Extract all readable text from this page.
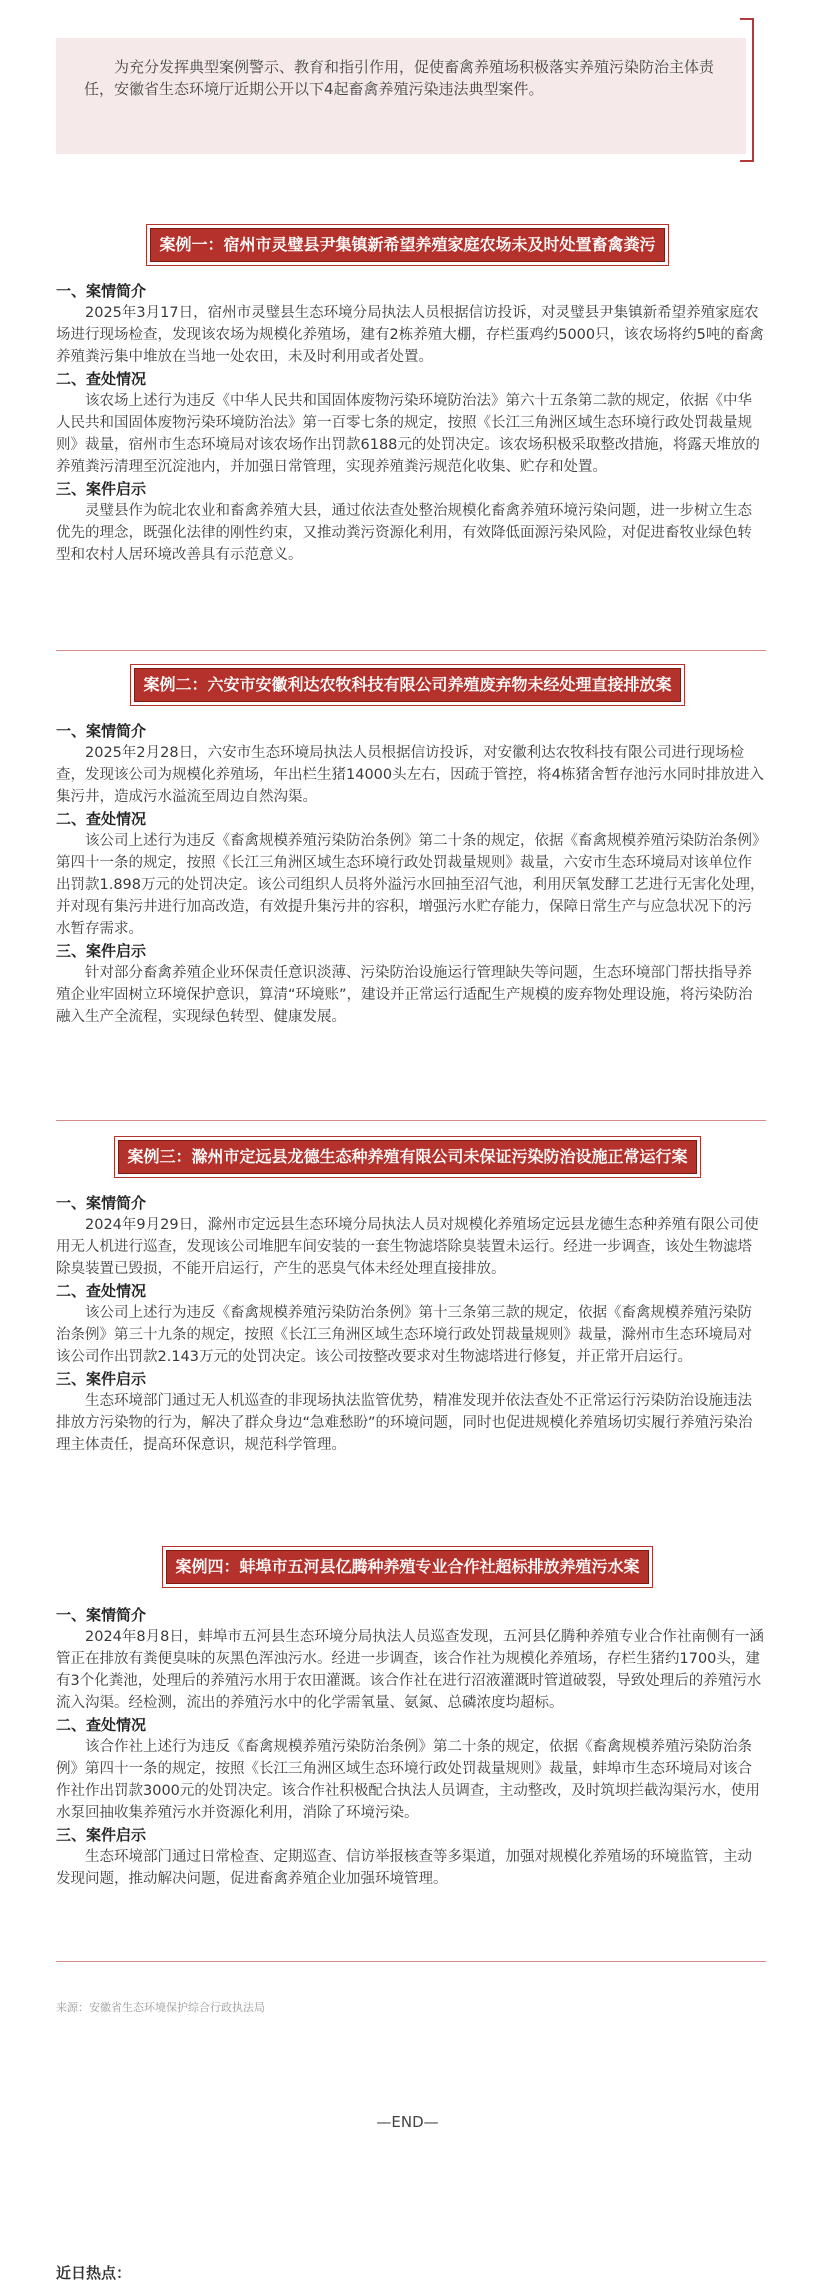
为充分发挥典型案例警示、教育和指引作用，促使畜禽养殖场积极落实养殖污染防治主体责任，安徽省生态环境厅近期公开以下4起畜禽养殖污染违法典型案件。

案例一：宿州市灵璧县尹集镇新希望养殖家庭农场未及时处置畜禽粪污
一、案情简介

2025年3月17日，宿州市灵璧县生态环境分局执法人员根据信访投诉，对灵璧县尹集镇新希望养殖家庭农场进行现场检查，发现该农场为规模化养殖场，建有2栋养殖大棚，存栏蛋鸡约5000只，该农场将约5吨的畜禽养殖粪污集中堆放在当地一处农田，未及时利用或者处置。

二、查处情况

该农场上述行为违反《中华人民共和国固体废物污染环境防治法》第六十五条第二款的规定，依据《中华人民共和国固体废物污染环境防治法》第一百零七条的规定，按照《长江三角洲区域生态环境行政处罚裁量规则》裁量，宿州市生态环境局对该农场作出罚款6188元的处罚决定。该农场积极采取整改措施，将露天堆放的养殖粪污清理至沉淀池内，并加强日常管理，实现养殖粪污规范化收集、贮存和处置。

三、案件启示

灵璧县作为皖北农业和畜禽养殖大县，通过依法查处整治规模化畜禽养殖环境污染问题，进一步树立生态优先的理念，既强化法律的刚性约束，又推动粪污资源化利用，有效降低面源污染风险，对促进畜牧业绿色转型和农村人居环境改善具有示范意义。

案例二：六安市安徽利达农牧科技有限公司养殖废弃物未经处理直接排放案
一、案情简介

2025年2月28日，六安市生态环境局执法人员根据信访投诉，对安徽利达农牧科技有限公司进行现场检查，发现该公司为规模化养殖场，年出栏生猪14000头左右，因疏于管控，将4栋猪舍暂存池污水同时排放进入集污井，造成污水溢流至周边自然沟渠。

二、查处情况

该公司上述行为违反《畜禽规模养殖污染防治条例》第二十条的规定，依据《畜禽规模养殖污染防治条例》第四十一条的规定，按照《长江三角洲区域生态环境行政处罚裁量规则》裁量，六安市生态环境局对该单位作出罚款1.898万元的处罚决定。该公司组织人员将外溢污水回抽至沼气池，利用厌氧发酵工艺进行无害化处理，并对现有集污井进行加高改造，有效提升集污井的容积，增强污水贮存能力，保障日常生产与应急状况下的污水暂存需求。

三、案件启示

针对部分畜禽养殖企业环保责任意识淡薄、污染防治设施运行管理缺失等问题，生态环境部门帮扶指导养殖企业牢固树立环境保护意识，算清“环境账”，建设并正常运行适配生产规模的废弃物处理设施，将污染防治融入生产全流程，实现绿色转型、健康发展。

案例三：滁州市定远县龙德生态种养殖有限公司未保证污染防治设施正常运行案
一、案情简介

2024年9月29日，滁州市定远县生态环境分局执法人员对规模化养殖场定远县龙德生态种养殖有限公司使用无人机进行巡查，发现该公司堆肥车间安装的一套生物滤塔除臭装置未运行。经进一步调查，该处生物滤塔除臭装置已毁损，不能开启运行，产生的恶臭气体未经处理直接排放。

二、查处情况

该公司上述行为违反《畜禽规模养殖污染防治条例》第十三条第三款的规定，依据《畜禽规模养殖污染防治条例》第三十九条的规定，按照《长江三角洲区域生态环境行政处罚裁量规则》裁量，滁州市生态环境局对该公司作出罚款2.143万元的处罚决定。该公司按整改要求对生物滤塔进行修复，并正常开启运行。

三、案件启示

生态环境部门通过无人机巡查的非现场执法监管优势，精准发现并依法查处不正常运行污染防治设施违法排放方污染物的行为，解决了群众身边“急难愁盼”的环境问题，同时也促进规模化养殖场切实履行养殖污染治理主体责任，提高环保意识，规范科学管理。

案例四：蚌埠市五河县亿腾种养殖专业合作社超标排放养殖污水案
一、案情简介

2024年8月8日，蚌埠市五河县生态环境分局执法人员巡查发现，五河县亿腾种养殖专业合作社南侧有一涵管正在排放有粪便臭味的灰黑色浑浊污水。经进一步调查，该合作社为规模化养殖场，存栏生猪约1700头，建有3个化粪池，处理后的养殖污水用于农田灌溉。该合作社在进行沼液灌溉时管道破裂，导致处理后的养殖污水流入沟渠。经检测，流出的养殖污水中的化学需氧量、氨氮、总磷浓度均超标。

二、查处情况

该合作社上述行为违反《畜禽规模养殖污染防治条例》第二十条的规定，依据《畜禽规模养殖污染防治条例》第四十一条的规定，按照《长江三角洲区域生态环境行政处罚裁量规则》裁量，蚌埠市生态环境局对该合作社作出罚款3000元的处罚决定。该合作社积极配合执法人员调查，主动整改，及时筑坝拦截沟渠污水，使用水泵回抽收集养殖污水并资源化利用，消除了环境污染。

三、案件启示

生态环境部门通过日常检查、定期巡查、信访举报核查等多渠道，加强对规模化养殖场的环境监管，主动发现问题，推动解决问题，促进畜禽养殖企业加强环境管理。

来源：安徽省生态环境保护综合行政执法局
—END—
近日热点：
